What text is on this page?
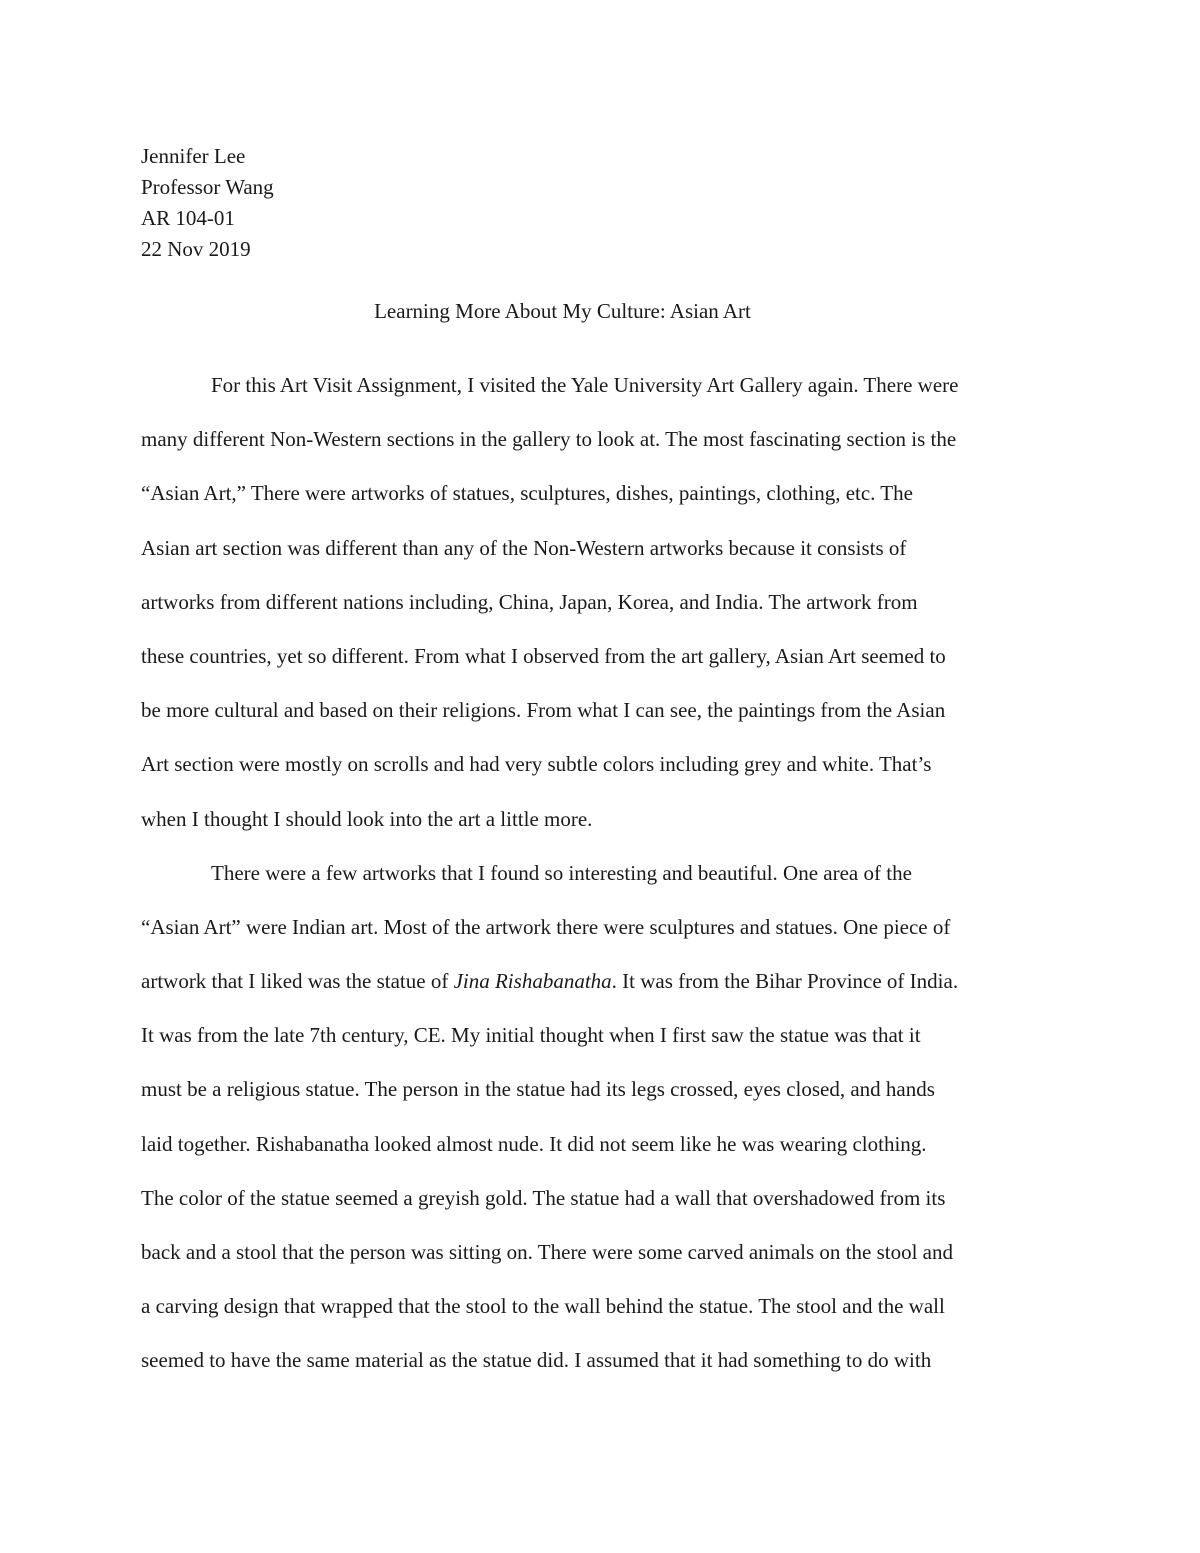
Jennifer Lee
Professor Wang
AR 104-01
22 Nov 2019
Learning More About My Culture: Asian Art
For this Art Visit Assignment, I visited the Yale University Art Gallery again. There were
many different Non-Western sections in the gallery to look at. The most fascinating section is the
“Asian Art,” There were artworks of statues, sculptures, dishes, paintings, clothing, etc. The
Asian art section was different than any of the Non-Western artworks because it consists of
artworks from different nations including, China, Japan, Korea, and India. The artwork from
these countries, yet so different. From what I observed from the art gallery, Asian Art seemed to
be more cultural and based on their religions. From what I can see, the paintings from the Asian
Art section were mostly on scrolls and had very subtle colors including grey and white. That’s
when I thought I should look into the art a little more.
There were a few artworks that I found so interesting and beautiful. One area of the
“Asian Art” were Indian art. Most of the artwork there were sculptures and statues. One piece of
artwork that I liked was the statue of Jina Rishabanatha. It was from the Bihar Province of India.
It was from the late 7th century, CE. My initial thought when I first saw the statue was that it
must be a religious statue. The person in the statue had its legs crossed, eyes closed, and hands
laid together. Rishabanatha looked almost nude. It did not seem like he was wearing clothing.
The color of the statue seemed a greyish gold. The statue had a wall that overshadowed from its
back and a stool that the person was sitting on. There were some carved animals on the stool and
a carving design that wrapped that the stool to the wall behind the statue. The stool and the wall
seemed to have the same material as the statue did. I assumed that it had something to do with
